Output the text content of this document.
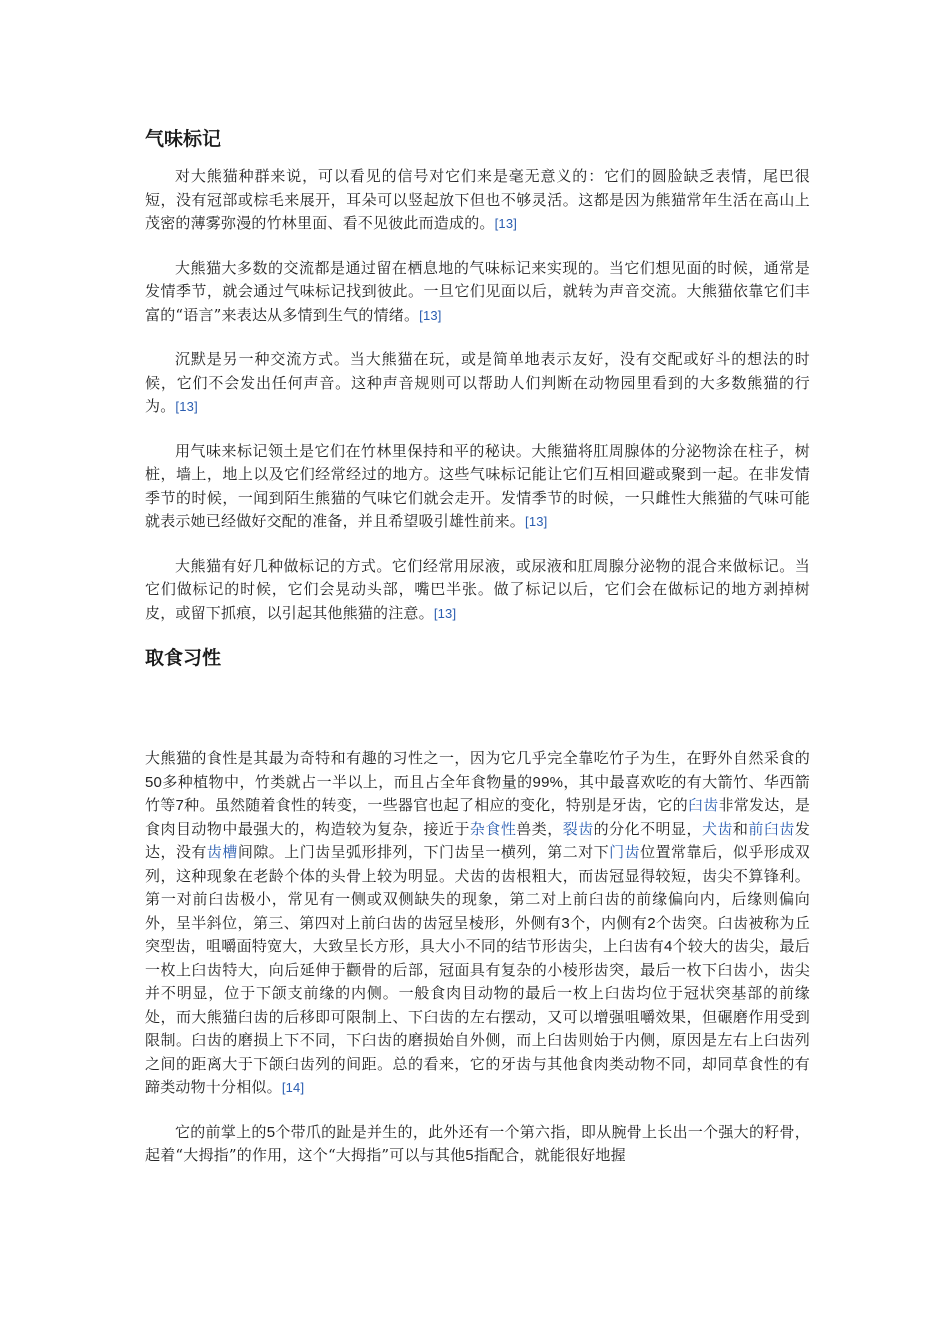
气味标记

对大熊猫种群来说，可以看见的信号对它们来是毫无意义的：它们的圆脸缺乏表情，尾巴很短，没有冠部或棕毛来展开，耳朵可以竖起放下但也不够灵活。这都是因为熊猫常年生活在高山上茂密的薄雾弥漫的竹林里面、看不见彼此而造成的。[13]

大熊猫大多数的交流都是通过留在栖息地的气味标记来实现的。当它们想见面的时候，通常是发情季节，就会通过气味标记找到彼此。一旦它们见面以后，就转为声音交流。大熊猫依靠它们丰富的“语言”来表达从多情到生气的情绪。[13]

沉默是另一种交流方式。当大熊猫在玩，或是简单地表示友好，没有交配或好斗的想法的时候，它们不会发出任何声音。这种声音规则可以帮助人们判断在动物园里看到的大多数熊猫的行为。[13]

用气味来标记领土是它们在竹林里保持和平的秘诀。大熊猫将肛周腺体的分泌物涂在柱子，树桩，墙上，地上以及它们经常经过的地方。这些气味标记能让它们互相回避或聚到一起。在非发情季节的时候，一闻到陌生熊猫的气味它们就会走开。发情季节的时候，一只雌性大熊猫的气味可能就表示她已经做好交配的准备，并且希望吸引雄性前来。[13]

大熊猫有好几种做标记的方式。它们经常用尿液，或尿液和肛周腺分泌物的混合来做标记。当它们做标记的时候，它们会晃动头部，嘴巴半张。做了标记以后，它们会在做标记的地方剥掉树皮，或留下抓痕，以引起其他熊猫的注意。[13]

取食习性

大熊猫的食性是其最为奇特和有趣的习性之一，因为它几乎完全靠吃竹子为生，在野外自然采食的50多种植物中，竹类就占一半以上，而且占全年食物量的99%，其中最喜欢吃的有大箭竹、华西箭竹等7种。虽然随着食性的转变，一些器官也起了相应的变化，特别是牙齿，它的臼齿非常发达，是食肉目动物中最强大的，构造较为复杂，接近于杂食性兽类，裂齿的分化不明显，犬齿和前臼齿发达，没有齿槽间隙。上门齿呈弧形排列，下门齿呈一横列，第二对下门齿位置常靠后，似乎形成双列，这种现象在老龄个体的头骨上较为明显。犬齿的齿根粗大，而齿冠显得较短，齿尖不算锋利。第一对前臼齿极小，常见有一侧或双侧缺失的现象，第二对上前臼齿的前缘偏向内，后缘则偏向外，呈半斜位，第三、第四对上前臼齿的齿冠呈棱形，外侧有3个，内侧有2个齿突。臼齿被称为丘突型齿，咀嚼面特宽大，大致呈长方形，具大小不同的结节形齿尖，上臼齿有4个较大的齿尖，最后一枚上臼齿特大，向后延伸于颧骨的后部，冠面具有复杂的小棱形齿突，最后一枚下臼齿小，齿尖并不明显，位于下颌支前缘的内侧。一般食肉目动物的最后一枚上臼齿均位于冠状突基部的前缘处，而大熊猫臼齿的后移即可限制上、下臼齿的左右摆动，又可以增强咀嚼效果，但碾磨作用受到限制。臼齿的磨损上下不同，下臼齿的磨损始自外侧，而上臼齿则始于内侧，原因是左右上臼齿列之间的距离大于下颌臼齿列的间距。总的看来，它的牙齿与其他食肉类动物不同，却同草食性的有蹄类动物十分相似。[14]

它的前掌上的5个带爪的趾是并生的，此外还有一个第六指，即从腕骨上长出一个强大的籽骨，起着“大拇指”的作用，这个“大拇指”可以与其他5指配合，就能很好地握
